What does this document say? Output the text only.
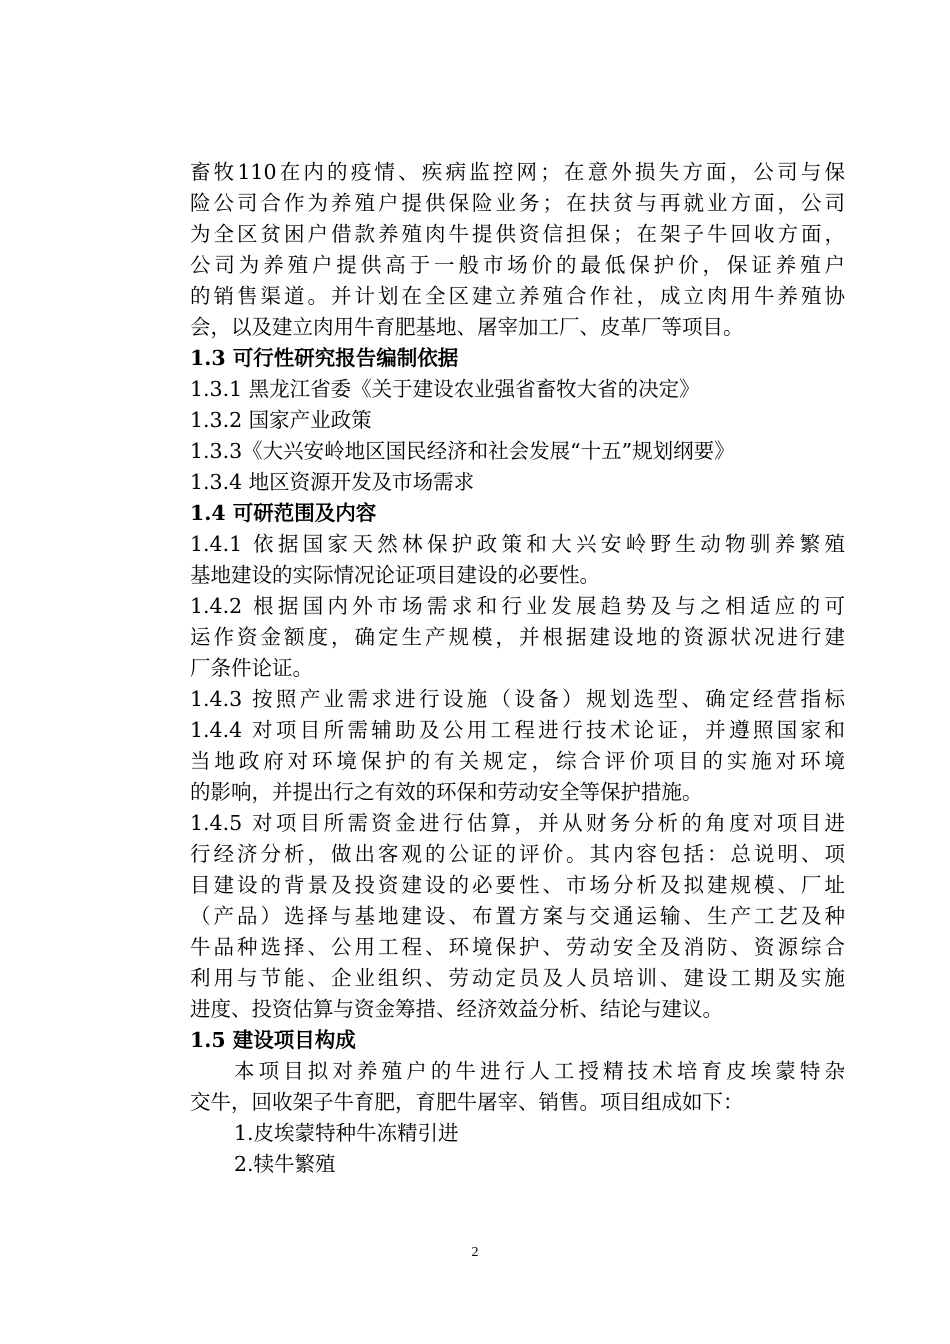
畜牧110在内的疫情、疾病监控网；在意外损失方面，公司与保

险公司合作为养殖户提供保险业务；在扶贫与再就业方面，公司

为全区贫困户借款养殖肉牛提供资信担保；在架子牛回收方面，

公司为养殖户提供高于一般市场价的最低保护价，保证养殖户

的销售渠道。并计划在全区建立养殖合作社，成立肉用牛养殖协

会，以及建立肉用牛育肥基地、屠宰加工厂、皮革厂等项目。

1.3 可行性研究报告编制依据

1.3.1 黑龙江省委《关于建设农业强省畜牧大省的决定》

1.3.2 国家产业政策

1.3.3《大兴安岭地区国民经济和社会发展“十五”规划纲要》

1.3.4 地区资源开发及市场需求

1.4 可研范围及内容

1.4.1 依据国家天然林保护政策和大兴安岭野生动物驯养繁殖

基地建设的实际情况论证项目建设的必要性。

1.4.2 根据国内外市场需求和行业发展趋势及与之相适应的可

运作资金额度，确定生产规模，并根据建设地的资源状况进行建

厂条件论证。

1.4.3 按照产业需求进行设施（设备）规划选型、确定经营指标

1.4.4 对项目所需辅助及公用工程进行技术论证，并遵照国家和

当地政府对环境保护的有关规定，综合评价项目的实施对环境

的影响，并提出行之有效的环保和劳动安全等保护措施。

1.4.5 对项目所需资金进行估算，并从财务分析的角度对项目进

行经济分析，做出客观的公证的评价。其内容包括：总说明、项

目建设的背景及投资建设的必要性、市场分析及拟建规模、厂址

（产品）选择与基地建设、布置方案与交通运输、生产工艺及种

牛品种选择、公用工程、环境保护、劳动安全及消防、资源综合

利用与节能、企业组织、劳动定员及人员培训、建设工期及实施

进度、投资估算与资金筹措、经济效益分析、结论与建议。

1.5 建设项目构成

本项目拟对养殖户的牛进行人工授精技术培育皮埃蒙特杂

交牛，回收架子牛育肥，育肥牛屠宰、销售。项目组成如下：

1.皮埃蒙特种牛冻精引进

2.犊牛繁殖

2
